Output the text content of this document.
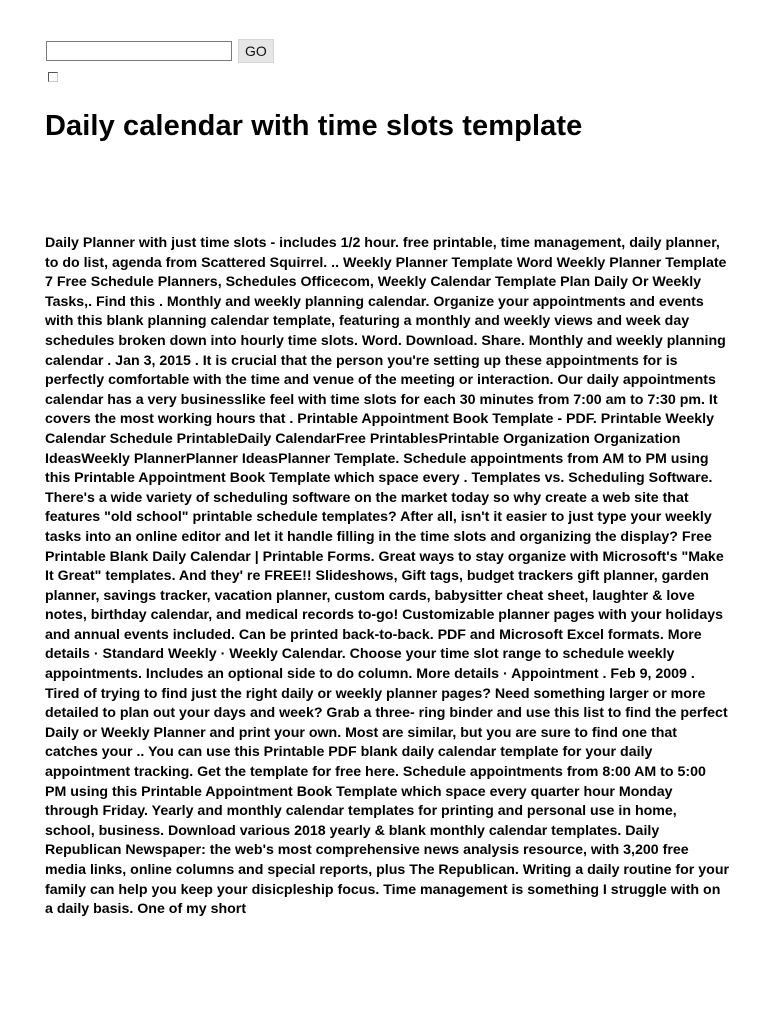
GO
Daily calendar with time slots template

Daily Planner with just time slots - includes 1/2 hour. free printable, time management, daily planner, to do list, agenda from Scattered Squirrel. .. Weekly Planner Template Word Weekly Planner Template 7 Free Schedule Planners, Schedules Officecom, Weekly Calendar Template Plan Daily Or Weekly Tasks,. Find this . Monthly and weekly planning calendar. Organize your appointments and events with this blank planning calendar template, featuring a monthly and weekly views and week day schedules broken down into hourly time slots. Word. Download. Share. Monthly and weekly planning calendar . Jan 3, 2015 . It is crucial that the person you're setting up these appointments for is perfectly comfortable with the time and venue of the meeting or interaction. Our daily appointments calendar has a very businesslike feel with time slots for each 30 minutes from 7:00 am to 7:30 pm. It covers the most working hours that . Printable Appointment Book Template - PDF. Printable Weekly Calendar Schedule PrintableDaily CalendarFree PrintablesPrintable Organization Organization IdeasWeekly PlannerPlanner IdeasPlanner Template. Schedule appointments from AM to PM using this Printable Appointment Book Template which space every . Templates vs. Scheduling Software. There's a wide variety of scheduling software on the market today so why create a web site that features "old school" printable schedule templates? After all, isn't it easier to just type your weekly tasks into an online editor and let it handle filling in the time slots and organizing the display? Free Printable Blank Daily Calendar | Printable Forms. Great ways to stay organize with Microsoft's "Make It Great" templates. And they' re FREE!! Slideshows, Gift tags, budget trackers gift planner, garden planner, savings tracker, vacation planner, custom cards, babysitter cheat sheet, laughter & love notes, birthday calendar, and medical records to-go! Customizable planner pages with your holidays and annual events included. Can be printed back-to-back. PDF and Microsoft Excel formats. More details · Standard Weekly · Weekly Calendar. Choose your time slot range to schedule weekly appointments. Includes an optional side to do column. More details · Appointment . Feb 9, 2009 . Tired of trying to find just the right daily or weekly planner pages? Need something larger or more detailed to plan out your days and week? Grab a three- ring binder and use this list to find the perfect Daily or Weekly Planner and print your own. Most are similar, but you are sure to find one that catches your .. You can use this Printable PDF blank daily calendar template for your daily appointment tracking. Get the template for free here. Schedule appointments from 8:00 AM to 5:00 PM using this Printable Appointment Book Template which space every quarter hour Monday through Friday. Yearly and monthly calendar templates for printing and personal use in home, school, business. Download various 2018 yearly & blank monthly calendar templates. Daily Republican Newspaper: the web's most comprehensive news analysis resource, with 3,200 free media links, online columns and special reports, plus The Republican. Writing a daily routine for your family can help you keep your disicpleship focus. Time management is something I struggle with on a daily basis. One of my short
